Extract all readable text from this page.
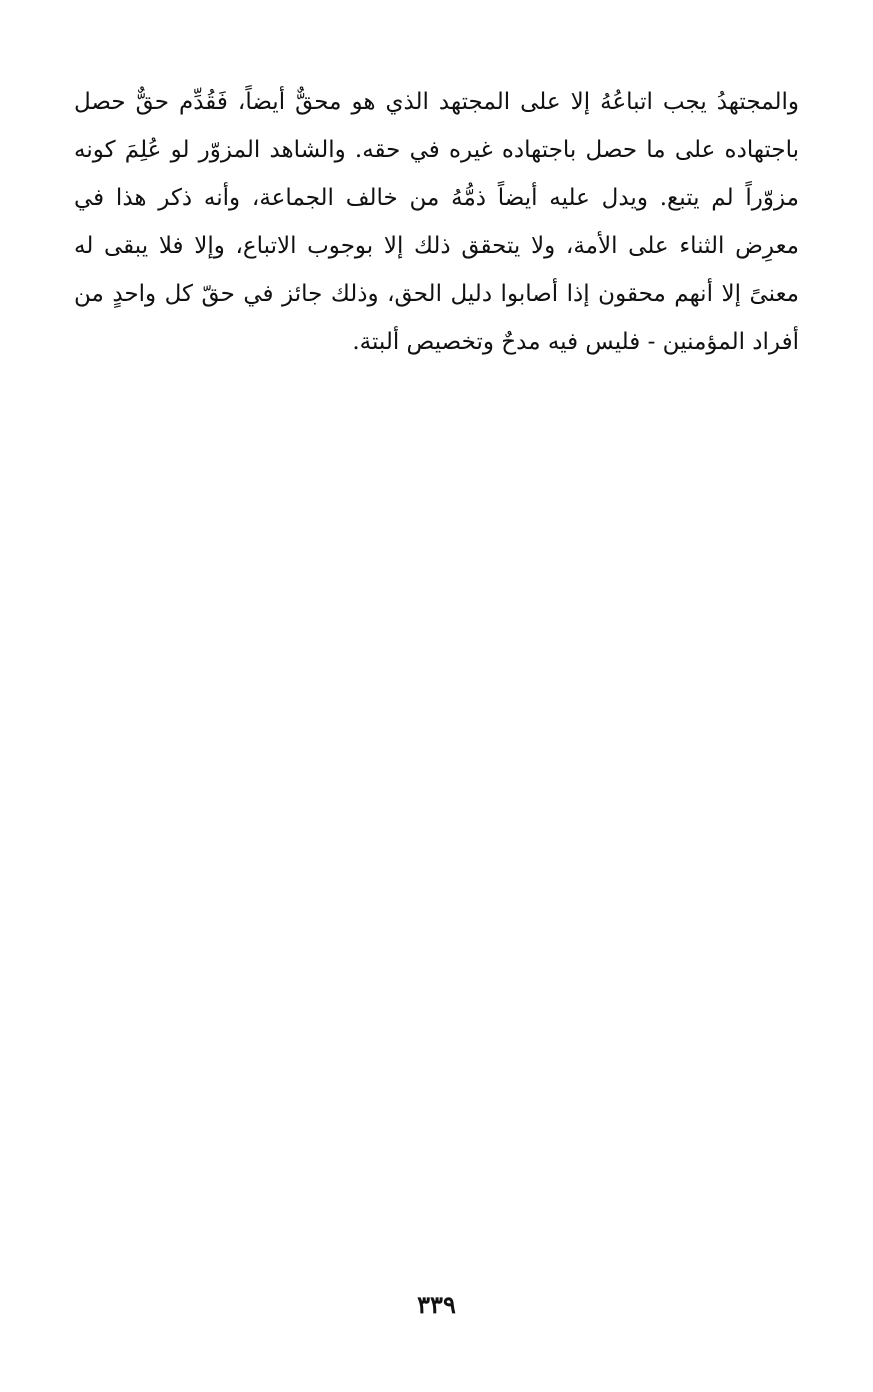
والمجتهدُ يجب اتباعُهُ إلا على المجتهد الذي هو محقٌّ أيضاً، فَقُدِّم حقٌّ حصل
باجتهاده على ما حصل باجتهاده غيره في حقه. والشاهد المزوّر لو عُلِمَ كونه
مزوّراً لم يتبع. ويدل عليه أيضاً ذمُّهُ من خالف الجماعة، وأنه ذكر هذا في
معرِض الثناء على الأمة، ولا يتحقق ذلك إلا بوجوب الاتباع، وإلا فلا يبقى له
معنىً إلا أنهم محقون إذا أصابوا دليل الحق، وذلك جائز في حقّ كل واحدٍ من
أفراد المؤمنين - فليس فيه مدحٌ وتخصيص ألبتة.
٣٣٩
